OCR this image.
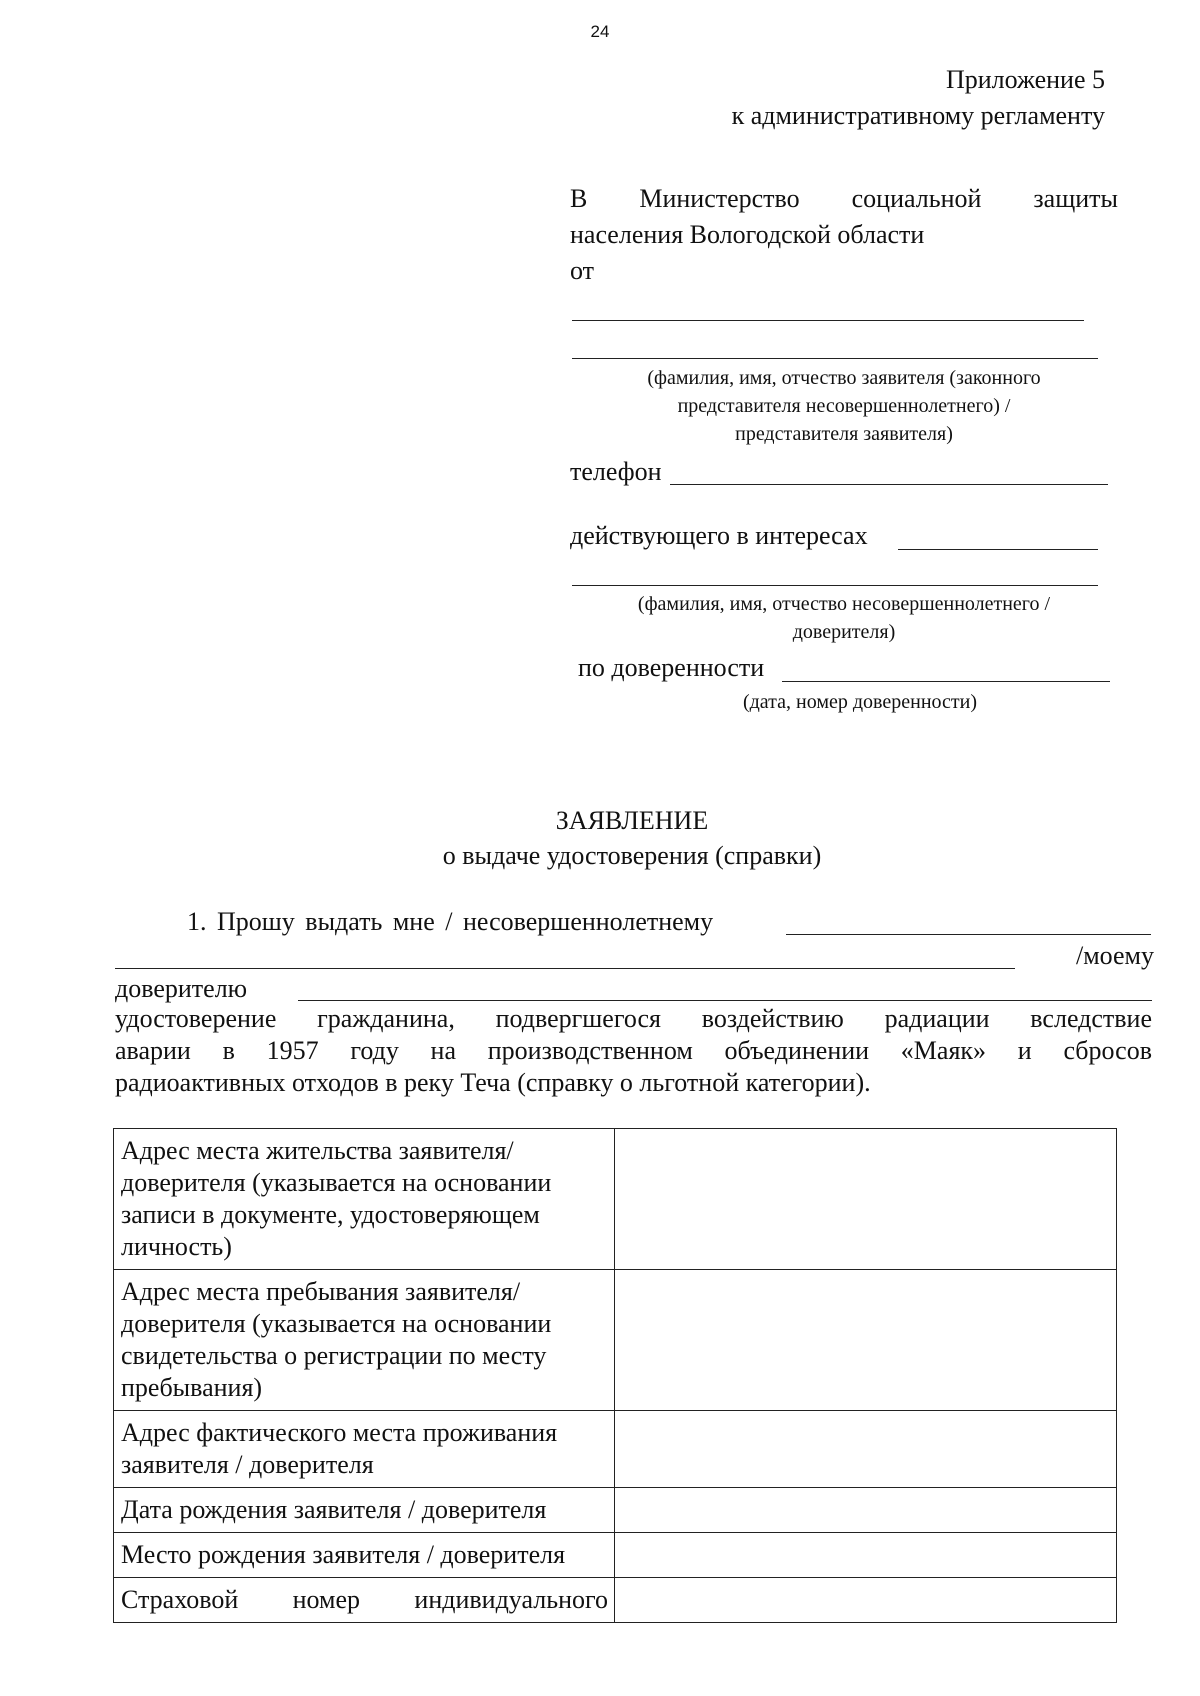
24
Приложение 5
к административному регламенту
В Министерство социальной защиты
населения Вологодской области
от
(фамилия, имя, отчество заявителя (законного
представителя несовершеннолетнего) /
представителя заявителя)
телефон
действующего в интересах
(фамилия, имя, отчество несовершеннолетнего /
доверителя)
по доверенности
(дата, номер доверенности)
ЗАЯВЛЕНИЕ
о выдаче удостоверения (справки)
1. Прошу выдать мне / несовершеннолетнему
/моему
доверителю
удостоверение гражданина, подвергшегося воздействию радиации вследствие
аварии в 1957 году на производственном объединении «Маяк» и сбросов
радиоактивных отходов в реку Теча (справку о льготной категории).
Адрес места жительства заявителя/ доверителя (указывается на основании записи в документе, удостоверяющем личность)	
Адрес места пребывания заявителя/ доверителя (указывается на основании свидетельства о регистрации по месту пребывания)	
Адрес фактического места проживания заявителя / доверителя	
Дата рождения заявителя / доверителя	
Место рождения заявителя / доверителя	
Страховой номер индивидуального	
